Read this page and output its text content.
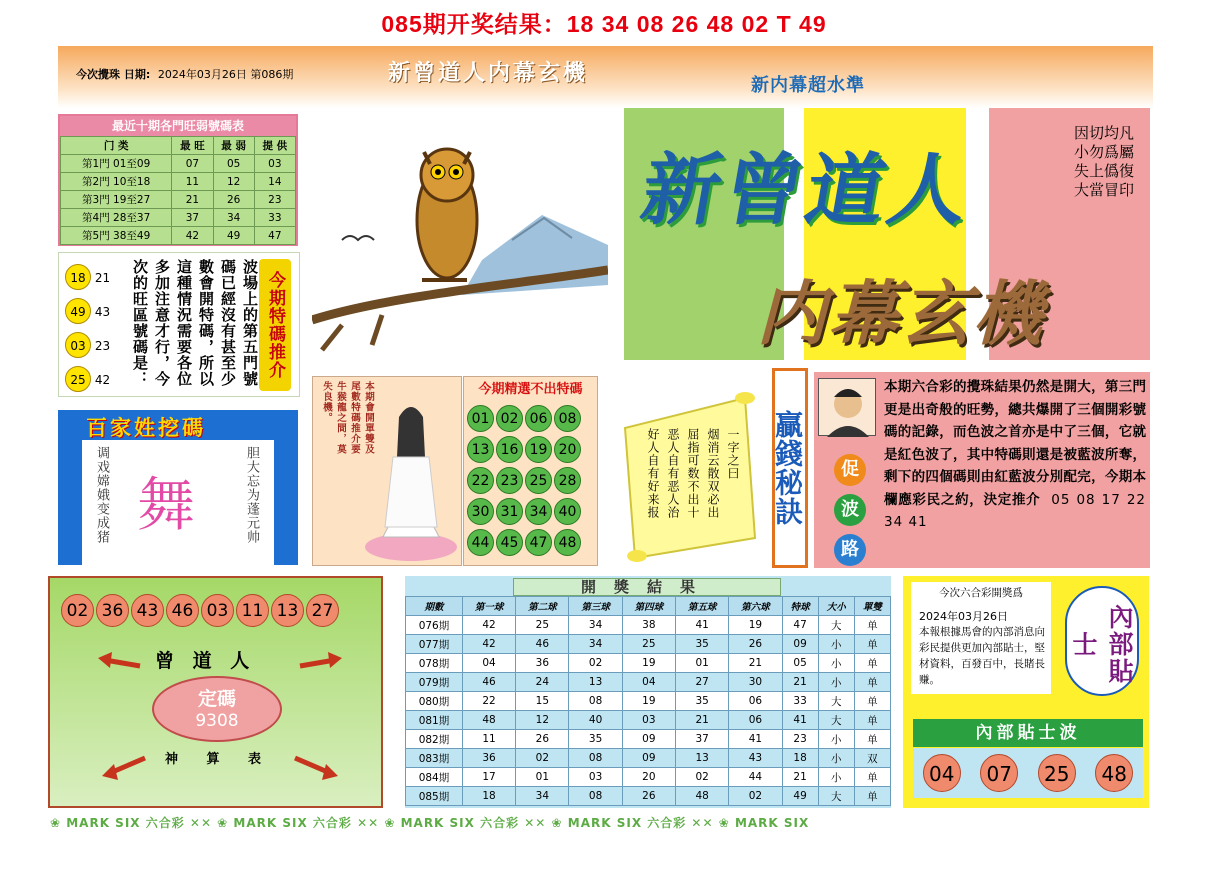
085期开奖结果：18 34 08 26 48 02 T 49
今次攪珠 日期: 2024年03月26日 第086期	新曾道人内幕玄機	新内幕超水準
最近十期各門旺弱號碼表
门 类	最 旺	最 弱	提 供
第1門 01至09	07	05	03
第2門 10至18	11	12	14
第3門 19至27	21	26	23
第4門 28至37	37	34	33
第5門 38至49	42	49	47
18 21
49 43
03 23
25 42	次的旺區號碼是： 多加注意才行，今 這種情況需要各位 數會開特碼，所以 碼已經沒有甚至少 波場上的第五門號 今期特碼推介
百家姓挖碼
调戏嫦娥变成猪 舞	胆大忘为蓬元帅
新曾道人
内幕玄機
因切均凡
小勿爲屬
失上僞復
大當冒印
本期會開單雙及
尾數特碼推介要
牛猴龍之間，莫
失良機。	今期精選不出特碼
01 02 06 08
13 16 19 20
22 23 25 28
30 31 34 40
44 45 47 48
一字之曰
烟消云散双必出
屈指可数不出十
恶人自有恶人治
好人自有好来报	贏錢秘訣	促
波
路
本期六合彩的攪珠結果仍然是開大，第三門更是出奇般的旺勢，總共爆開了三個開彩號碼的記錄，而色波之首亦是中了三個，它就是紅色波了，其中特碼則還是被藍波所奪，剩下的四個碼則由紅藍波分別配完，今期本欄應彩民之約，決定推介 05 08 17 22 34 41
02 36 43 46 03 11 13 27
曾 道 人
定碼
9308
神 算 表
開獎結果
期數	第一球	第二球	第三球	第四球	第五球	第六球	特球	大小	單雙
076期	42	25	34	38	41	19	47	大	单
077期	42	46	34	25	35	26	09	小	单
078期	04	36	02	19	01	21	05	小	单
079期	46	24	13	04	27	30	21	小	单
080期	22	15	08	19	35	06	33	大	单
081期	48	12	40	03	21	06	41	大	单
082期	11	26	35	09	37	41	23	小	单
083期	36	02	08	09	13	43	18	小	双
084期	17	01	03	20	02	44	21	小	单
085期	18	34	08	26	48	02	49	大	单
今次六合彩開獎爲
2024年03月26日
本報根據馬會的內部消息向彩民提供更加內部貼士，堅材資料，百發百中，長賭長赚。	內部貼士
內部貼士波
04	07	25	48
❀ MARK SIX 六合彩 ✕✕ ❀ MARK SIX 六合彩 ✕✕ ❀ MARK SIX 六合彩 ✕✕ ❀ MARK SIX 六合彩 ✕✕ ❀ MARK SIX
